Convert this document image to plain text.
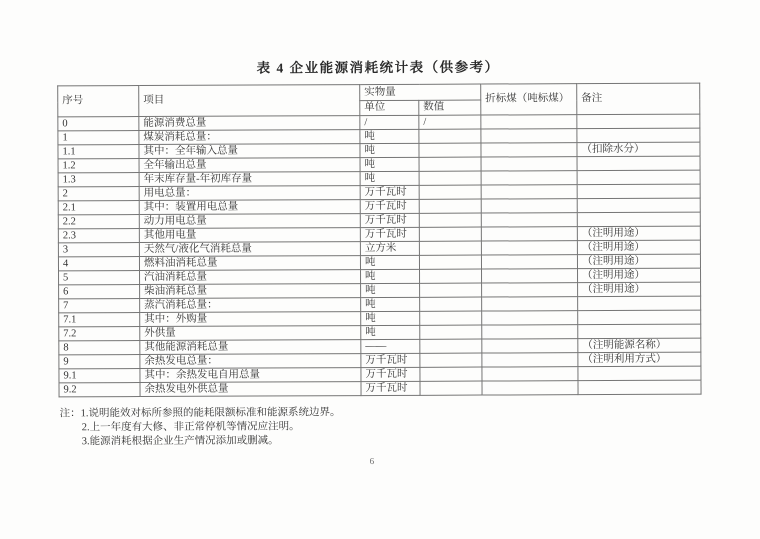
表 4 企业能源消耗统计表（供参考）
序号	项目	实物量		折标煤（吨标煤）	备注
		单位	数值		
0	能源消费总量	/	/		
1	煤炭消耗总量：	吨			
1.1	其中：全年输入总量	吨			（扣除水分）
1.2	全年输出总量	吨			
1.3	年末库存量-年初库存量	吨			
2	用电总量：	万千瓦时			
2.1	其中：装置用电总量	万千瓦时			
2.2	动力用电总量	万千瓦时			
2.3	其他用电量	万千瓦时			（注明用途）
3	天然气/液化气消耗总量	立方米			（注明用途）
4	燃料油消耗总量	吨			（注明用途）
5	汽油消耗总量	吨			（注明用途）
6	柴油消耗总量	吨			（注明用途）
7	蒸汽消耗总量：	吨			
7.1	其中：外购量	吨			
7.2	外供量	吨			
8	其他能源消耗总量	——			（注明能源名称）
9	余热发电总量：	万千瓦时			（注明利用方式）
9.1	其中：余热发电自用总量	万千瓦时			
9.2	余热发电外供总量	万千瓦时			
注：1.说明能效对标所参照的能耗限额标准和能源系统边界。
2.上一年度有大修、非正常停机等情况应注明。
3.能源消耗根据企业生产情况添加或删减。
6
